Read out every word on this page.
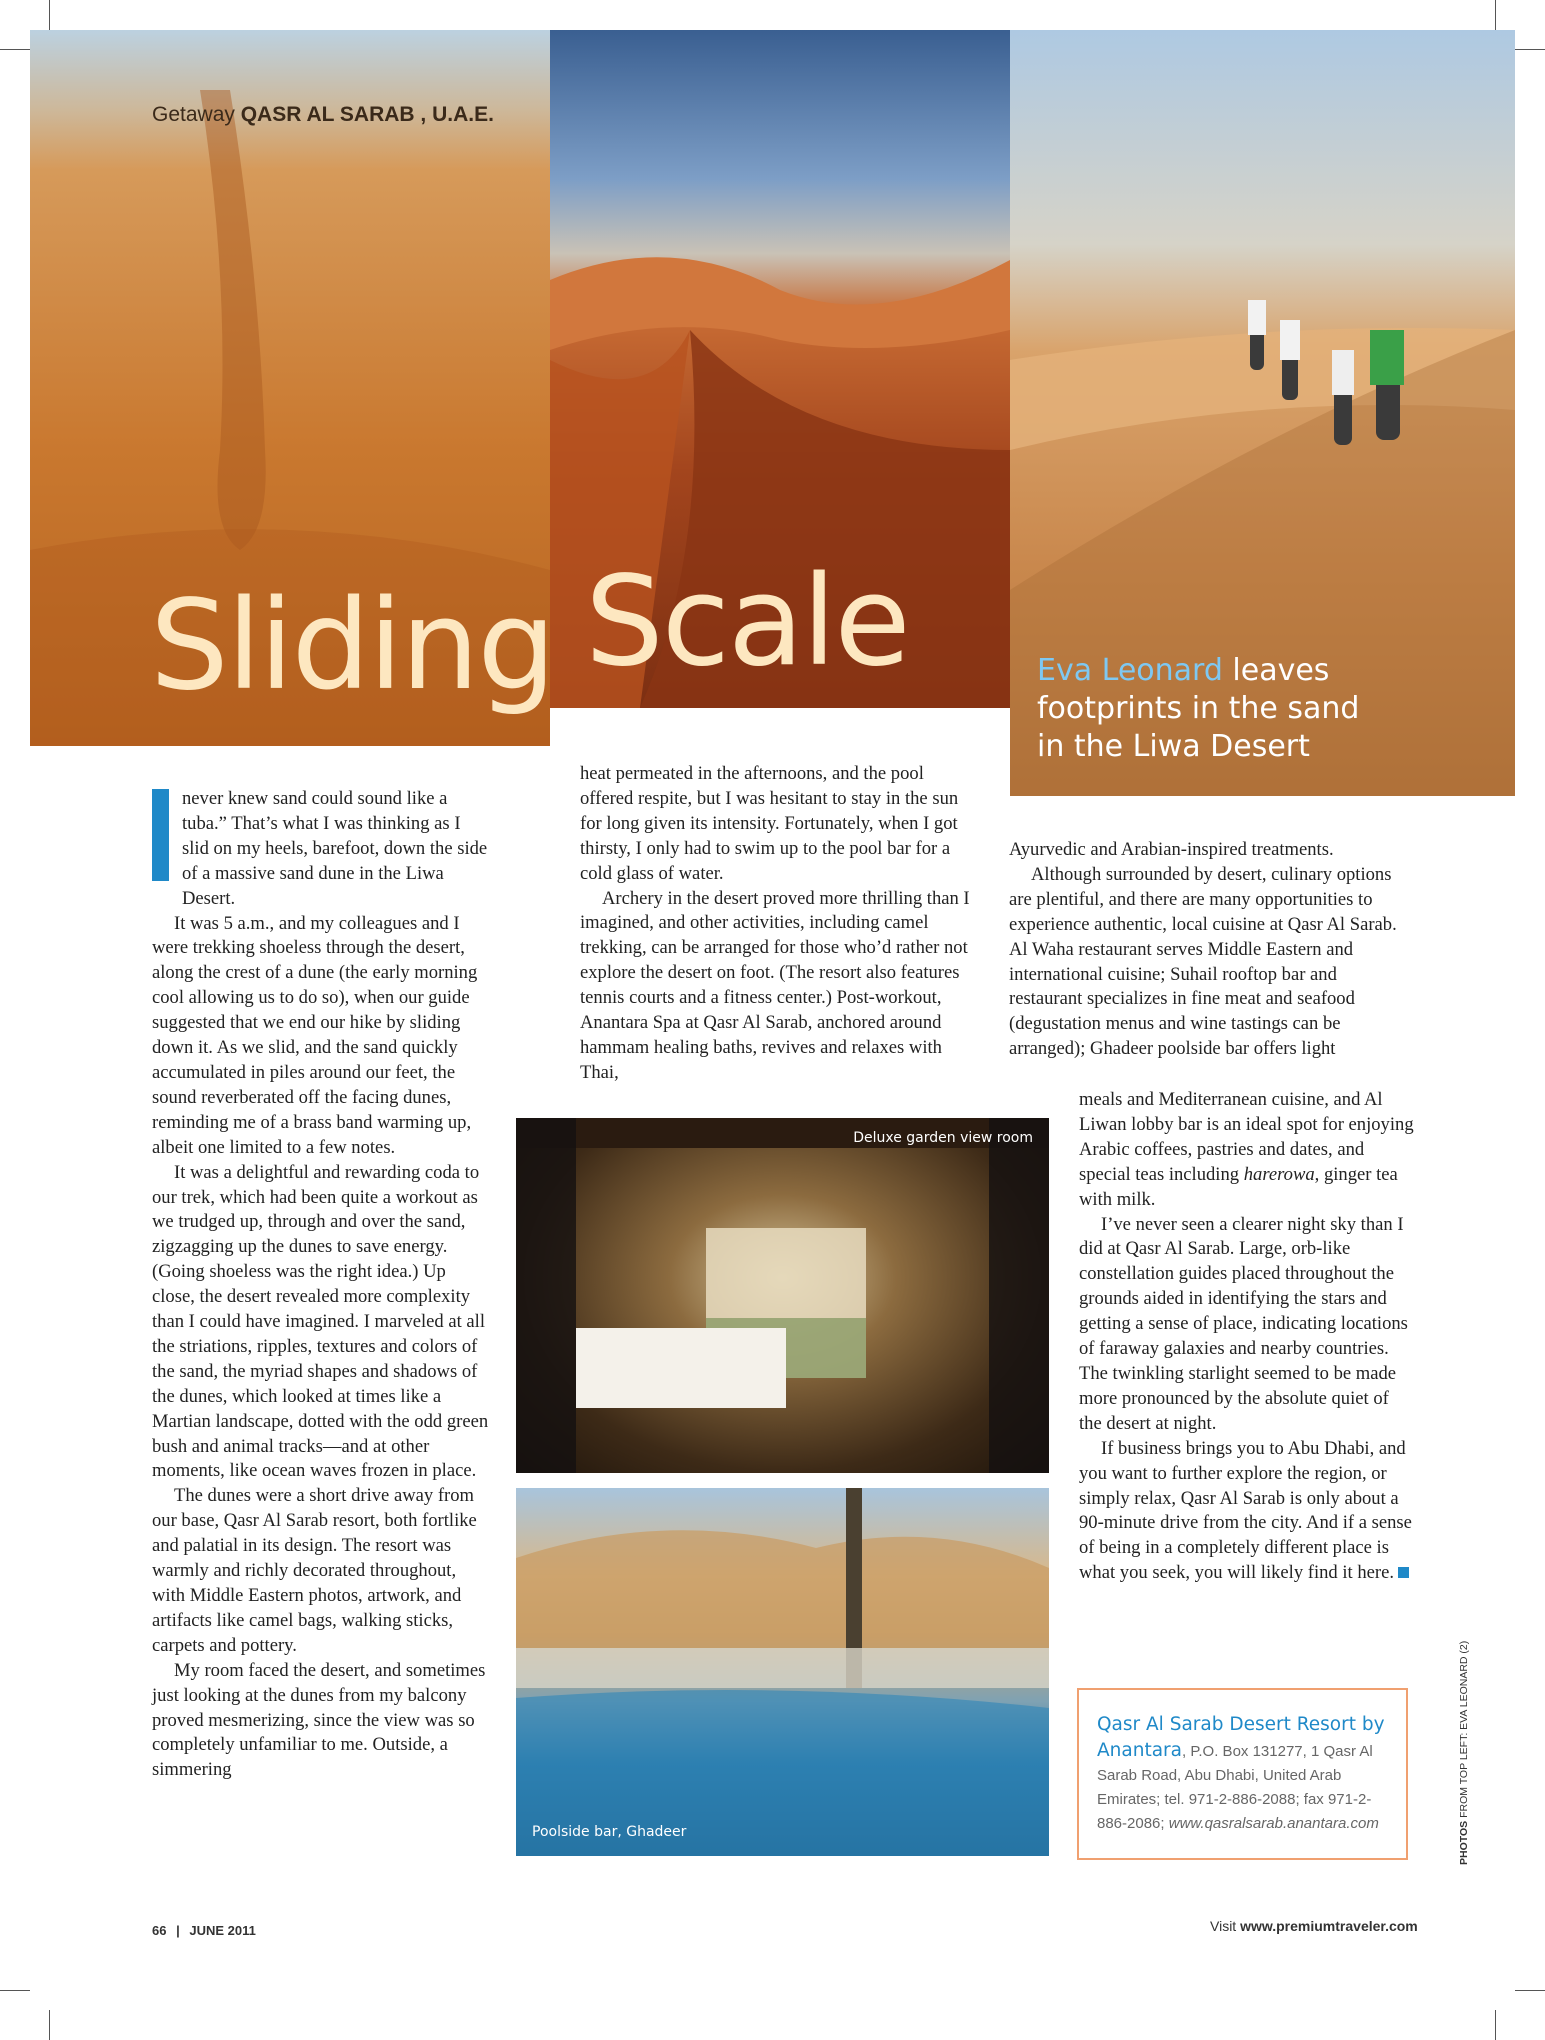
Getaway QASR AL SARAB , U.A.E.
Sliding Scale	Eva Leonard leaves
footprints in the sand
in the Liwa Desert

never knew sand could sound like a tuba.” That’s what I was thinking as I slid on my heels, barefoot, down the side of a massive sand dune in the Liwa Desert.

It was 5 a.m., and my colleagues and I were trekking shoeless through the desert, along the crest of a dune (the early morning cool allowing us to do so), when our guide suggested that we end our hike by sliding down it. As we slid, and the sand quickly accumulated in piles around our feet, the sound reverberated off the facing dunes, reminding me of a brass band warming up, albeit one limited to a few notes.

It was a delightful and rewarding coda to our trek, which had been quite a workout as we trudged up, through and over the sand, zigzagging up the dunes to save energy. (Going shoeless was the right idea.) Up close, the desert revealed more complexity than I could have imagined. I marveled at all the striations, ripples, textures and colors of the sand, the myriad shapes and shadows of the dunes, which looked at times like a Martian landscape, dotted with the odd green bush and animal tracks—and at other moments, like ocean waves frozen in place.

The dunes were a short drive away from our base, Qasr Al Sarab resort, both fortlike and palatial in its design. The resort was warmly and richly decorated throughout, with Middle Eastern photos, artwork, and artifacts like camel bags, walking sticks, carpets and pottery.

My room faced the desert, and sometimes just looking at the dunes from my balcony proved mesmerizing, since the view was so completely unfamiliar to me. Outside, a simmering

heat permeated in the afternoons, and the pool offered respite, but I was hesitant to stay in the sun for long given its intensity. Fortunately, when I got thirsty, I only had to swim up to the pool bar for a cold glass of water.

Archery in the desert proved more thrilling than I imagined, and other activities, including camel trekking, can be arranged for those who’d rather not explore the desert on foot. (The resort also features tennis courts and a fitness center.) Post-workout, Anantara Spa at Qasr Al Sarab, anchored around hammam healing baths, revives and relaxes with Thai,

Ayurvedic and Arabian-inspired treatments.

Although surrounded by desert, culinary options are plentiful, and there are many opportunities to experience authentic, local cuisine at Qasr Al Sarab. Al Waha restaurant serves Middle Eastern and international cuisine; Suhail rooftop bar and restaurant specializes in fine meat and seafood (degustation menus and wine tastings can be arranged); Ghadeer poolside bar offers light

meals and Mediterranean cuisine, and Al Liwan lobby bar is an ideal spot for enjoying Arabic coffees, pastries and dates, and special teas including harerowa, ginger tea with milk.

I’ve never seen a clearer night sky than I did at Qasr Al Sarab. Large, orb-like constellation guides placed throughout the grounds aided in identifying the stars and getting a sense of place, indicating locations of faraway galaxies and nearby countries. The twinkling starlight seemed to be made more pronounced by the absolute quiet of the desert at night.

If business brings you to Abu Dhabi, and you want to further explore the region, or simply relax, Qasr Al Sarab is only about a 90-minute drive from the city. And if a sense of being in a completely different place is what you seek, you will likely find it here.

Deluxe garden view room
Poolside bar, Ghadeer
Qasr Al Sarab Desert Resort by Anantara, P.O. Box 131277, 1 Qasr Al Sarab Road, Abu Dhabi, United Arab Emirates; tel. 971-2-886-2088; fax 971-2-886-2086; www.qasralsarab.anantara.com	PHOTOS FROM TOP LEFT: EVA LEONARD (2)
66 | JUNE 2011	Visit www.premiumtraveler.com
